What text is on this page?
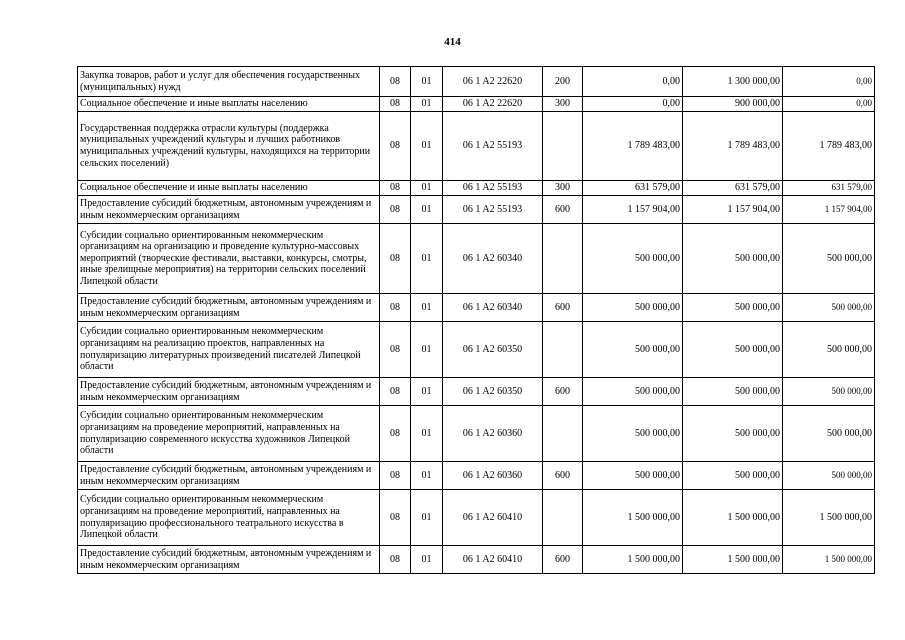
414
Закупка товаров, работ и услуг для обеспечения государственных (муниципальных) нужд	08	01	06 1 A2 22620	200	0,00	1 300 000,00	0,00
Социальное обеспечение и иные выплаты населению	08	01	06 1 A2 22620	300	0,00	900 000,00	0,00
Государственная поддержка отрасли культуры (поддержка муниципальных учреждений культуры и лучших работников муниципальных учреждений культуры, находящихся на территории сельских поселений)	08	01	06 1 A2 55193		1 789 483,00	1 789 483,00	1 789 483,00
Социальное обеспечение и иные выплаты населению	08	01	06 1 A2 55193	300	631 579,00	631 579,00	631 579,00
Предоставление субсидий бюджетным, автономным учреждениям и иным некоммерческим организациям	08	01	06 1 A2 55193	600	1 157 904,00	1 157 904,00	1 157 904,00
Субсидии социально ориентированным некоммерческим организациям на организацию и проведение культурно-массовых мероприятий (творческие фестивали, выставки, конкурсы, смотры, иные зрелищные мероприятия) на территории сельских поселений Липецкой области	08	01	06 1 A2 60340		500 000,00	500 000,00	500 000,00
Предоставление субсидий бюджетным, автономным учреждениям и иным некоммерческим организациям	08	01	06 1 A2 60340	600	500 000,00	500 000,00	500 000,00
Субсидии социально ориентированным некоммерческим организациям на реализацию проектов, направленных на популяризацию литературных произведений писателей Липецкой области	08	01	06 1 A2 60350		500 000,00	500 000,00	500 000,00
Предоставление субсидий бюджетным, автономным учреждениям и иным некоммерческим организациям	08	01	06 1 A2 60350	600	500 000,00	500 000,00	500 000,00
Субсидии социально ориентированным некоммерческим организациям на проведение мероприятий, направленных на популяризацию современного искусства художников Липецкой области	08	01	06 1 A2 60360		500 000,00	500 000,00	500 000,00
Предоставление субсидий бюджетным, автономным учреждениям и иным некоммерческим организациям	08	01	06 1 A2 60360	600	500 000,00	500 000,00	500 000,00
Субсидии социально ориентированным некоммерческим организациям на проведение мероприятий, направленных на популяризацию профессионального театрального искусства в Липецкой области	08	01	06 1 A2 60410		1 500 000,00	1 500 000,00	1 500 000,00
Предоставление субсидий бюджетным, автономным учреждениям и иным некоммерческим организациям	08	01	06 1 A2 60410	600	1 500 000,00	1 500 000,00	1 500 000,00
